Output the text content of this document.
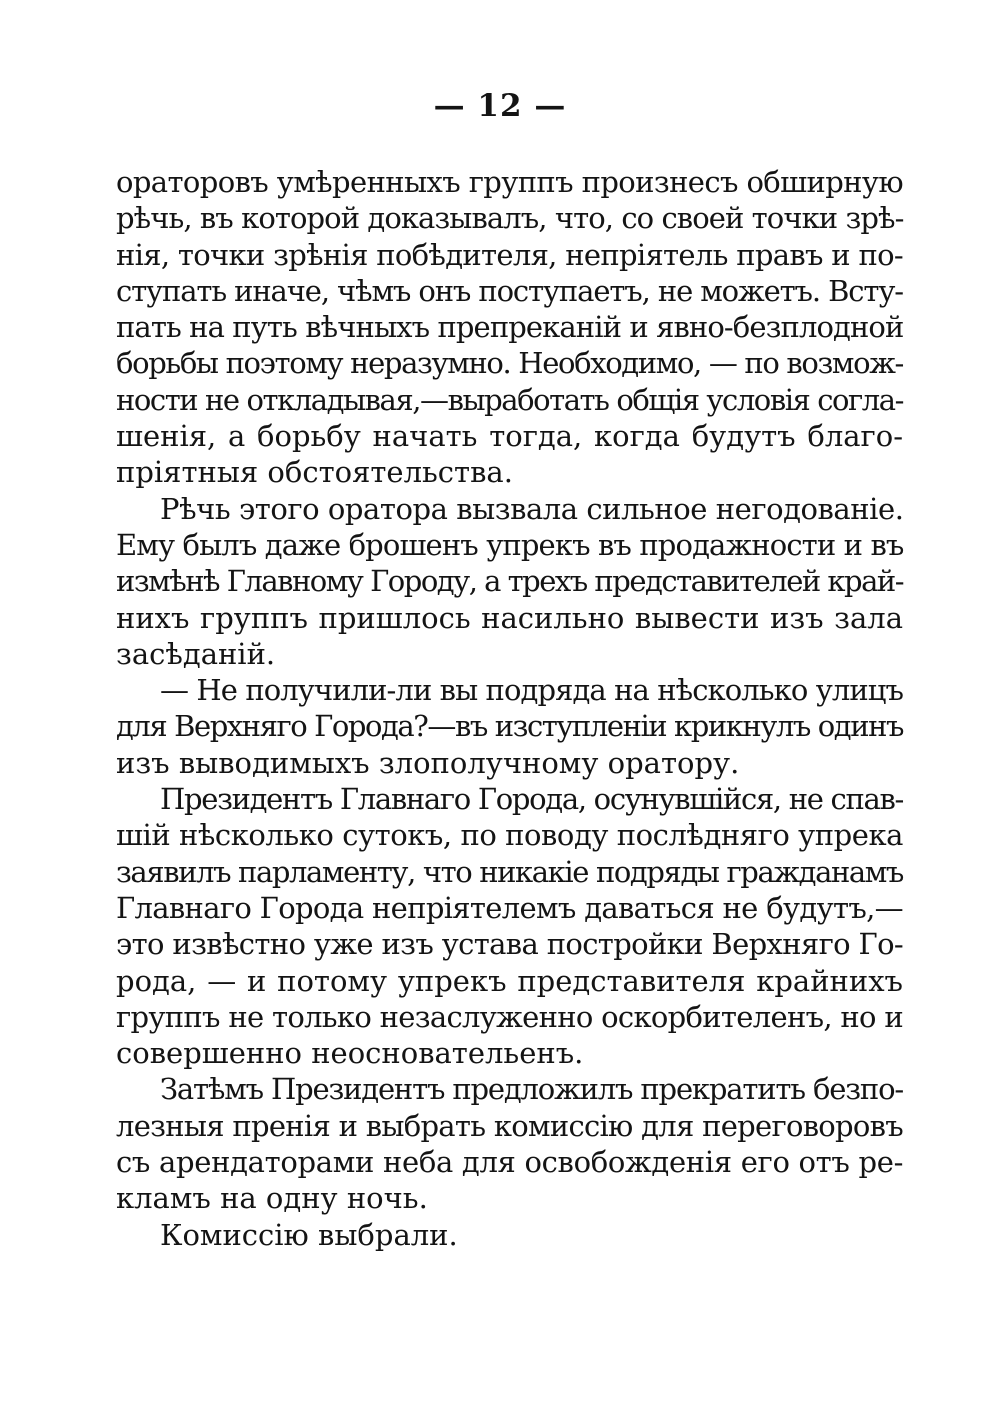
— 12 —
ораторовъ умѣренныхъ группъ произнесъ обширную
рѣчь, въ которой доказывалъ, что, со своей точки зрѣ-
нія, точки зрѣнія побѣдителя, непріятель правъ и по-
ступать иначе, чѣмъ онъ поступаетъ, не можетъ. Всту-
пать на путь вѣчныхъ препреканій и явно-безплодной
борьбы поэтому неразумно. Необходимо, — по возмож-
ности не откладывая,—выработать общія условія согла-
шенія, а борьбу начать тогда, когда будутъ благо-
пріятныя обстоятельства.
Рѣчь этого оратора вызвала сильное негодованіе.
Ему былъ даже брошенъ упрекъ въ продажности и въ
измѣнѣ Главному Городу, а трехъ представителей край-
нихъ группъ пришлось насильно вывести изъ зала
засѣданій.
— Не получили-ли вы подряда на нѣсколько улицъ
для Верхняго Города?—въ изступленіи крикнулъ одинъ
изъ выводимыхъ злополучному оратору.
Президентъ Главнаго Города, осунувшійся, не спав-
шій нѣсколько сутокъ, по поводу послѣдняго упрека
заявилъ парламенту, что никакіе подряды гражданамъ
Главнаго Города непріятелемъ даваться не будутъ,—
это извѣстно уже изъ устава постройки Верхняго Го-
рода, — и потому упрекъ представителя крайнихъ
группъ не только незаслуженно оскорбителенъ, но и
совершенно неосновательенъ.
Затѣмъ Президентъ предложилъ прекратить безпо-
лезныя пренія и выбрать комиссію для переговоровъ
съ арендаторами неба для освобожденія его отъ ре-
кламъ на одну ночь.
Комиссію выбрали.
